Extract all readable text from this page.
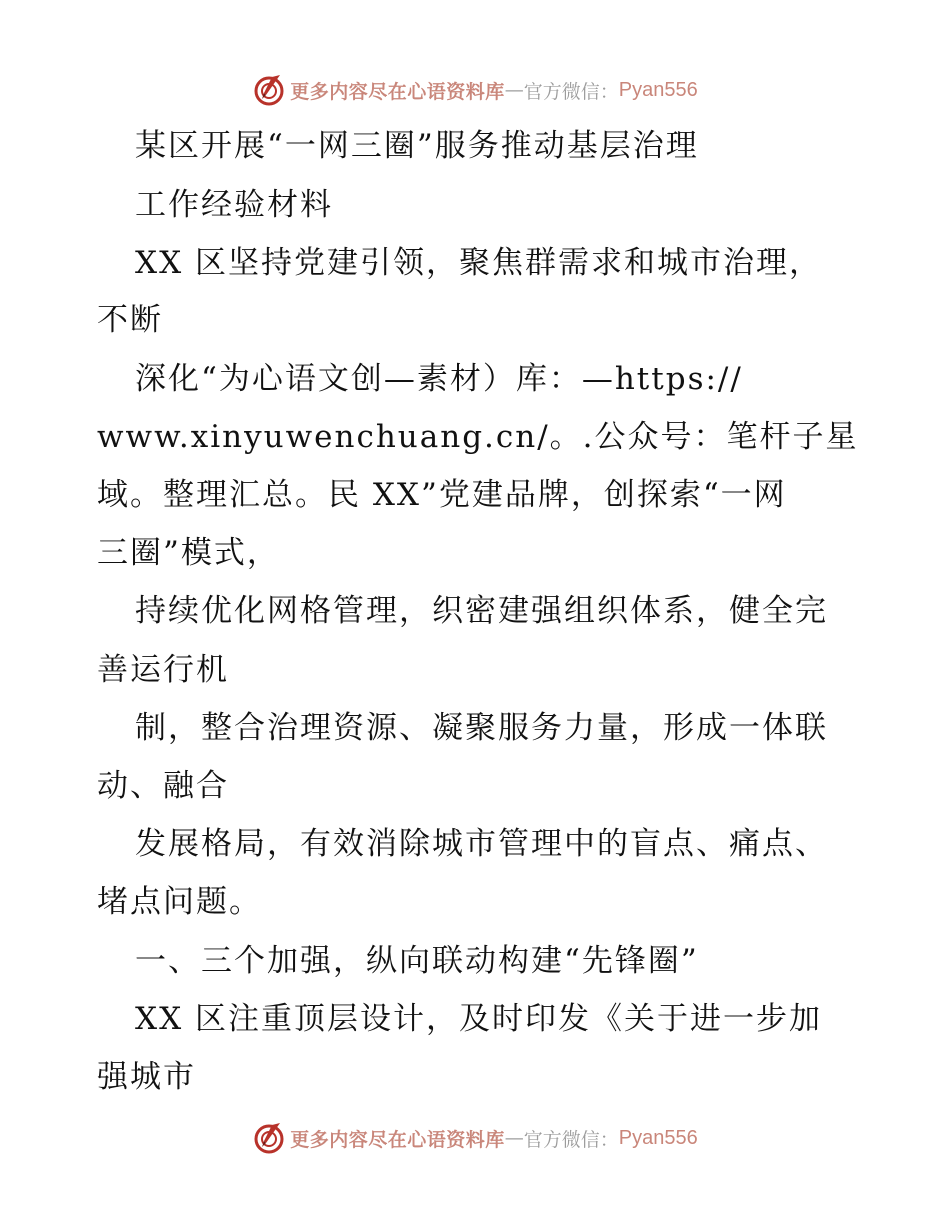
更多内容尽在心语资料库 — 官方微信： Pyan556
某区开展“一网三圈”服务推动基层治理
工作经验材料
XX 区坚持党建引领，聚焦群需求和城市治理，
不断
深化“为心语文创—素材）库：—https://
www.xinyuwenchuang.cn/。.公众号：笔杆子星
域。整理汇总。民 XX”党建品牌，创探索“一网
三圈”模式，
持续优化网格管理，织密建强组织体系，健全完
善运行机
制，整合治理资源、凝聚服务力量，形成一体联
动、融合
发展格局，有效消除城市管理中的盲点、痛点、
堵点问题。
一、三个加强，纵向联动构建“先锋圈”
XX 区注重顶层设计，及时印发《关于进一步加
强城市
更多内容尽在心语资料库 — 官方微信： Pyan556
